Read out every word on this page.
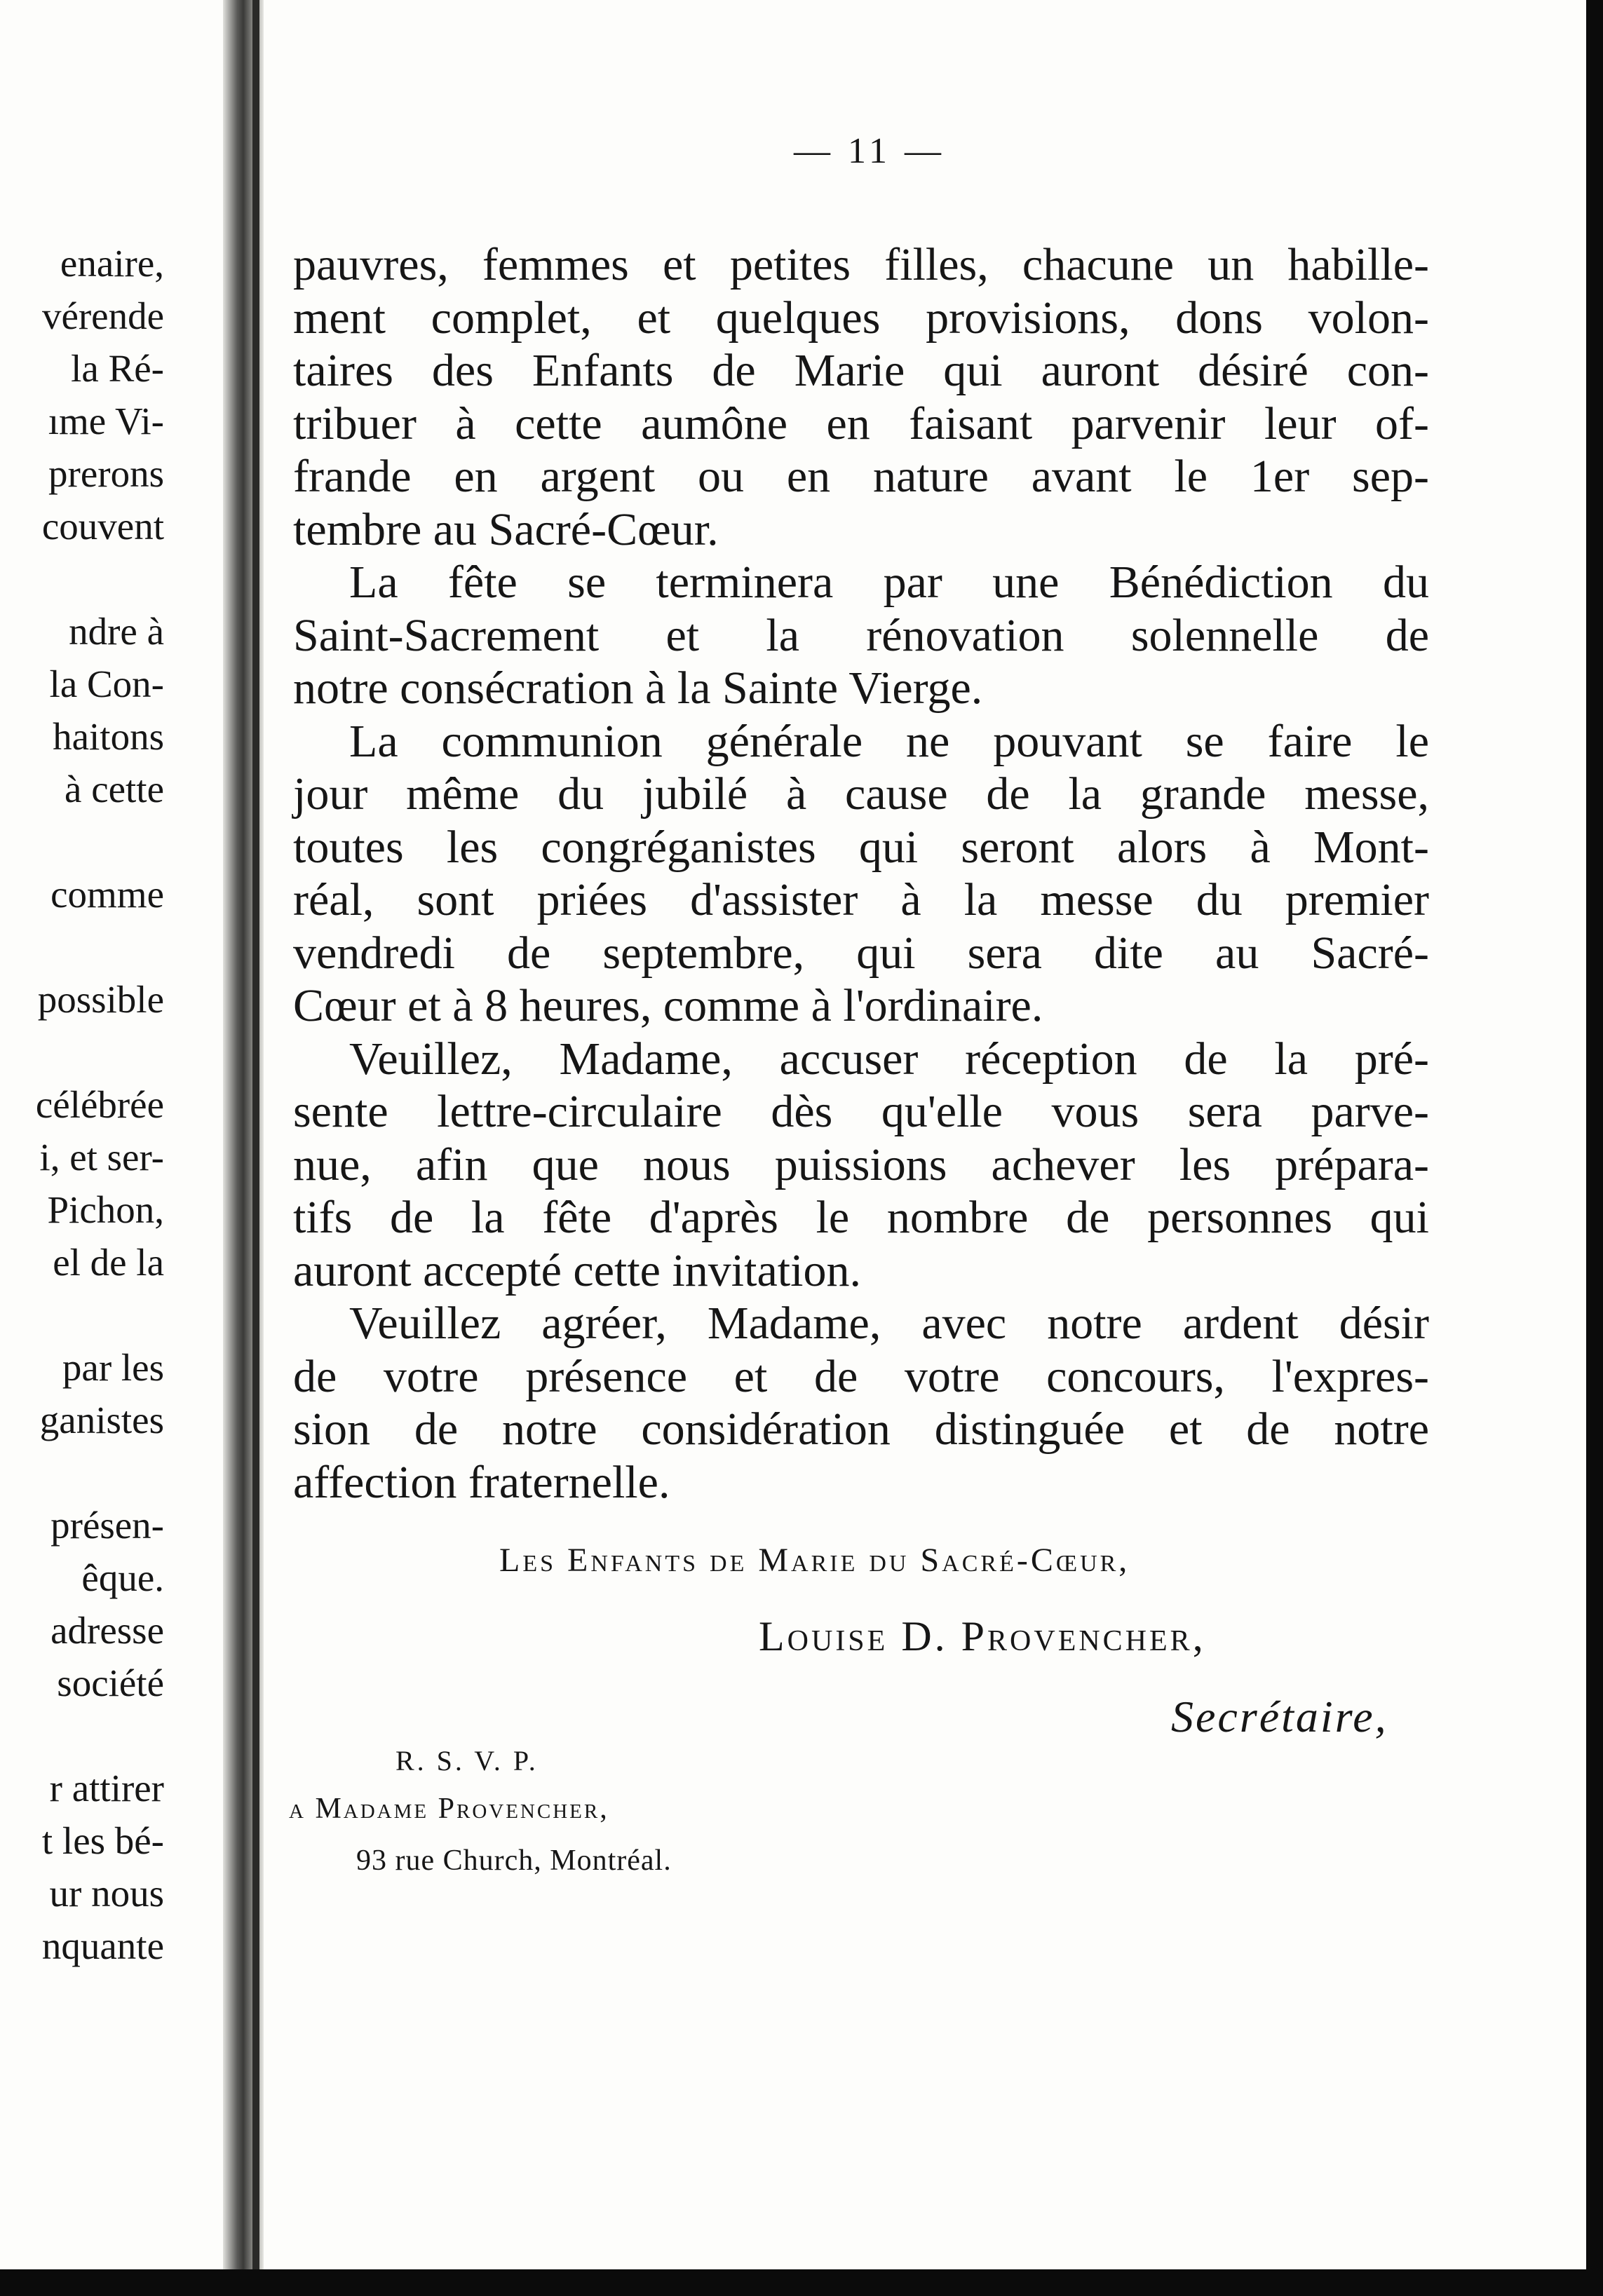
enaire,
vérende
la Ré-
ıme Vi-
prerons
couvent
ndre à
la Con-
haitons
à cette
comme
possible
célébrée
i, et ser-
Pichon,
el de la
par les
ganistes
présen-
êque.
adresse
société
r attirer
t les bé-
ur nous
nquante
— 11 —
pauvres, femmes et petites filles, chacune un habille-
ment complet, et quelques provisions, dons volon-
taires des Enfants de Marie qui auront désiré con-
tribuer à cette aumône en faisant parvenir leur of-
frande en argent ou en nature avant le 1er sep-
tembre au Sacré-Cœur.
La fête se terminera par une Bénédiction du
Saint-Sacrement et la rénovation solennelle de
notre consécration à la Sainte Vierge.
La communion générale ne pouvant se faire le
jour même du jubilé à cause de la grande messe,
toutes les congréganistes qui seront alors à Mont-
réal, sont priées d'assister à la messe du premier
vendredi de septembre, qui sera dite au Sacré-
Cœur et à 8 heures, comme à l'ordinaire.
Veuillez, Madame, accuser réception de la pré-
sente lettre-circulaire dès qu'elle vous sera parve-
nue, afin que nous puissions achever les prépara-
tifs de la fête d'après le nombre de personnes qui
auront accepté cette invitation.
Veuillez agréer, Madame, avec notre ardent désir
de votre présence et de votre concours, l'expres-
sion de notre considération distinguée et de notre
affection fraternelle.
Les Enfants de Marie du Sacré-Cœur,
Louise D. Provencher,
Secrétaire,
R. S. V. P.
a Madame Provencher,
93 rue Church, Montréal.
